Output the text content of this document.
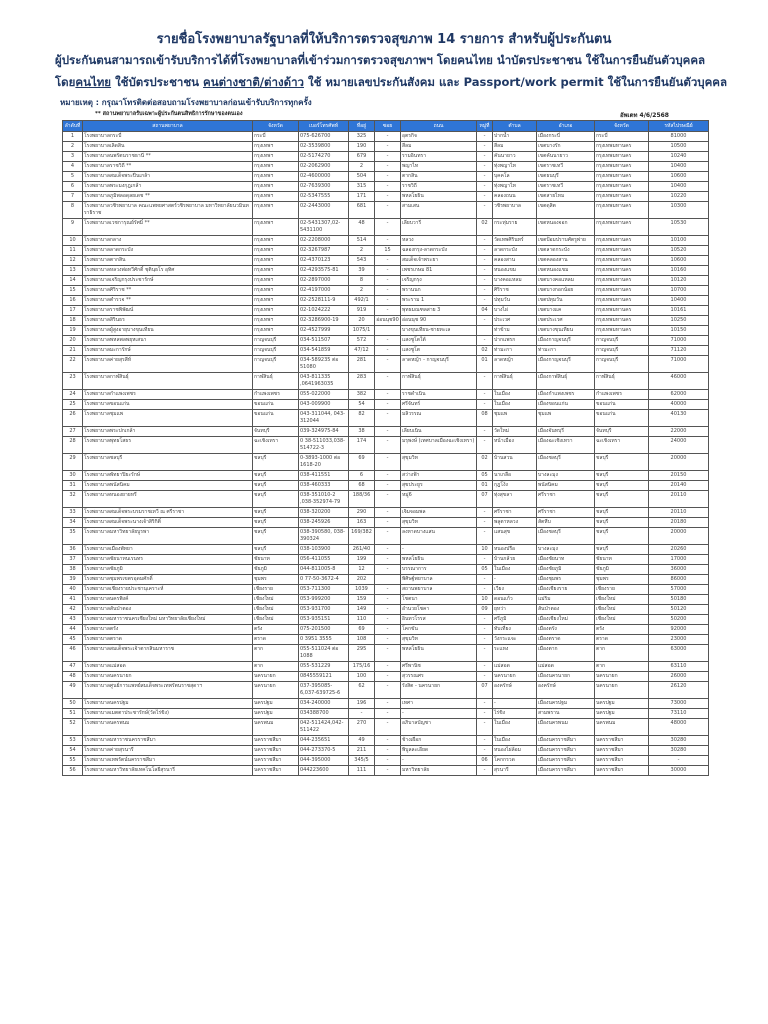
รายชื่อโรงพยาบาลรัฐบาลที่ให้บริการตรวจสุขภาพ 14 รายการ สำหรับผู้ประกันตน
ผู้ประกันตนสามารถเข้ารับบริการได้ที่โรงพยาบาลที่เข้าร่วมการตรวจสุขภาพฯ โดยคนไทย นำบัตรประชาชน ใช้ในการยืนยันตัวบุคคล
โดยคนไทย ใช้บัตรประชาชน คนต่างชาติ/ต่างด้าว ใช้ หมายเลขประกันสังคม และ Passport/work permit ใช้ในการยืนยันตัวบุคคล
หมายเหตุ : กรุณาโทรติดต่อสอบถามโรงพยาบาลก่อนเข้ารับบริการทุกครั้ง
** สถานพยาบาลรับเฉพาะผู้ประกันตนสิทธิการรักษาของตนเอง	อัพเดท 4/6/2568
ลำดับที่	สถานพยาบาล	จังหวัด	เบอร์โทรศัพท์	ที่อยู่	ซอย	ถนน	หมู่ที่	ตำบล	อำเภอ	จังหวัด	รหัสไปรษณีย์
1	โรงพยาบาลกระบี่	กระบี่	075-626700	325	-	อุตรกิจ	-	ปากน้ำ	เมืองกระบี่	กระบี่	81000
2	โรงพยาบาลเลิดสิน	กรุงเทพฯ	02-3539800	190	-	สีลม	-	สีลม	เขตบางรัก	กรุงเทพมหานคร	10500
3	โรงพยาบาลนพรัตนราชธานี **	กรุงเทพฯ	02-5174270	679	-	รามอินทรา	-	คันนายาว	เขตคันนายาว	กรุงเทพมหานคร	10240
4	โรงพยาบาลราชวิถี **	กรุงเทพฯ	02-2062900	2	-	พญาไท	-	ทุ่งพญาไท	เขตราชเทวี	กรุงเทพมหานคร	10400
5	โรงพยาบาลสมเด็จพระปิ่นเกล้า	กรุงเทพฯ	02-4600000	504	-	ตากสิน	-	บุคคโล	เขตธนบุรี	กรุงเทพมหานคร	10600
6	โรงพยาบาลพระมงกุฎเกล้า	กรุงเทพฯ	02-7639300	315	-	ราชวิถี	-	ทุ่งพญาไท	เขตราชเทวี	กรุงเทพมหานคร	10400
7	โรงพยาบาลภูมิพลอดุลยเดช **	กรุงเทพฯ	02-5347555	171	-	พหลโยธิน	-	คลองถนน	เขตสายไหม	กรุงเทพมหานคร	10220
8	โรงพยาบาลวชิรพยาบาล คณะแพทยศาสตร์วชิรพยาบาล มหาวิทยาลัยนวมินทราธิราช	กรุงเทพฯ	02-2443000	681	-	สามเสน	-	วชิรพยาบาล	เขตดุสิต	กรุงเทพมหานคร	10300
9	โรงพยาบาลเวชการุณย์รัศมิ์ **	กรุงเทพฯ	02-5431307,02-5431100	48	-	เลียบวารี	02	กระทุ่มราย	เขตหนองจอก	กรุงเทพมหานคร	10530
10	โรงพยาบาลกลาง	กรุงเทพฯ	02-2208000	514	-	หลวง	-	วัดเทพศิรินทร์	เขตป้อมปราบศัตรูพ่าย	กรุงเทพมหานคร	10100
11	โรงพยาบาลลาดกระบัง	กรุงเทพฯ	02-3267987	2	15	ฉลองกรุง-ลาดกระบัง	-	ลาดกระบัง	เขตลาดกระบัง	กรุงเทพมหานคร	10520
12	โรงพยาบาลตากสิน	กรุงเทพฯ	02-4370123	543	-	สมเด็จเจ้าพระยา	-	คลองสาน	เขตคลองสาน	กรุงเทพมหานคร	10600
13	โรงพยาบาลหลวงพ่อทวีศักดิ์ ชุตินฺธโร อุทิศ	กรุงเทพฯ	02-4293575-81	39	-	เพชรเกษม 81	-	หนองแขม	เขตหนองแขม	กรุงเทพมหานคร	10160
14	โรงพยาบาลเจริญกรุงประชารักษ์	กรุงเทพฯ	02-2897000	8	-	เจริญกรุง	-	บางคอแหลม	เขตบางคอแหลม	กรุงเทพมหานคร	10120
15	โรงพยาบาลศิริราช **	กรุงเทพฯ	02-4197000	2	-	พรานนก	-	ศิริราช	เขตบางกอกน้อย	กรุงเทพมหานคร	10700
16	โรงพยาบาลตำรวจ **	กรุงเทพฯ	02-2528111-9	492/1	-	พระราม 1	-	ปทุมวัน	เขตปทุมวัน	กรุงเทพมหานคร	10400
17	โรงพยาบาลราชพิพัฒน์	กรุงเทพฯ	02-1024222	919	-	พุทธมณฑลสาย 3	04	บางไผ่	เขตบางแค	กรุงเทพมหานคร	10161
18	โรงพยาบาลสิรินธร	กรุงเทพฯ	02-3286900-19	20	อ่อนนุช90	อ่อนนุช 90	-	ประเวศ	เขตประเวศ	กรุงเทพมหานคร	10250
19	โรงพยาบาลผู้สูงอายุบางขุนเทียน	กรุงเทพฯ	02-4527999	1075/1		บางขุนเทียน-ชายทะเล		ท่าข้าม	เขตบางขุนเทียน	กรุงเทพมหานคร	10150
20	โรงพยาบาลพหลพลพยุหเสนา	กาญจนบุรี	034-511507	572	-	แสงชูโตใต้	-	ปากแพรก	เมืองกาญจนบุรี	กาญจนบุรี	71000
21	โรงพยาบาลมะการักษ์	กาญจนบุรี	034-541859	47/12	-	แสงชูโต	02	ท่ามะกา	ท่ามะกา	กาญจนบุรี	71120
22	โรงพยาบาลค่ายสุรสีห์	กาญจนบุรี	034-589235 ต่อ 51080	281	-	ลาดหญ้า - กาญจนบุรี	01	ลาดหญ้า	เมืองกาญจนบุรี	กาญจนบุรี	71000
23	โรงพยาบาลกาฬสินธุ์	กาฬสินธุ์	043-811335 ,0641963035	283	-	กาฬสินธุ์	-	กาฬสินธุ์	เมืองกาฬสินธุ์	กาฬสินธุ์	46000
24	โรงพยาบาลกำแพงเพชร	กำแพงเพชร	055-022000	382	-	ราชดำเนิน	-	ในเมือง	เมืองกำแพงเพชร	กำแพงเพชร	62000
25	โรงพยาบาลขอนแก่น	ขอนแก่น	043-009900	54	-	ศรีจันทร์	-	ในเมือง	เมืองขอนแก่น	ขอนแก่น	40000
26	โรงพยาบาลชุมแพ	ขอนแก่น	043-311044, 043-312044	82	-	มลิวรรณ	08	ชุมแพ	ชุมแพ	ขอนแก่น	40130
27	โรงพยาบาลพระปกเกล้า	จันทบุรี	039-324975-84	38	-	เลียบเนิน	-	วัดใหม่	เมืองจันทบุรี	จันทบุรี	22000
28	โรงพยาบาลพุทธโสธร	ฉะเชิงเทรา	0 38-511033,038-514722-3	174	-	มรุพงษ์ (เทศบาลเมืองฉะเชิงเทรา)	-	หน้าเมือง	เมืองฉะเชิงเทรา	ฉะเชิงเทรา	24000
29	โรงพยาบาลชลบุรี	ชลบุรี	0-3893-1000 ต่อ 1618-20	69	-	สุขุมวิท	02	บ้านสวน	เมืองชลบุรี	ชลบุรี	20000
30	โรงพยาบาลพัทยาปิยะรักษ์	ชลบุรี	038-411551	6	-	สว่างฟ้า	05	นาเกลือ	บางละมุง	ชลบุรี	20150
31	โรงพยาบาลพนัสนิคม	ชลบุรี	038-460333	68	-	สุขประยูร	01	กุฎโง้ง	พนัสนิคม	ชลบุรี	20140
32	โรงพยาบาลหนองยายหรี	ชลบุรี	038-351010-2 ,038-352974-79	188/36	-	หมู่6	07	ทุ่งสุขลา	ศรีราชา	ชลบุรี	20110
33	โรงพยาบาลสมเด็จพระบรมราชเทวี ณ ศรีราชา	ชลบุรี	038-320200	290	-	เจิมจอมพล	-	ศรีราชา	ศรีราชา	ชลบุรี	20110
34	โรงพยาบาลสมเด็จพระนางเจ้าสิริกิติ์	ชลบุรี	038-245926	163	-	สุขุมวิท	-	พลูตาหลวง	สัตหีบ	ชลบุรี	20180
35	โรงพยาบาลมหาวิทยาลัยบูรพา	ชลบุรี	038-390580, 038-390324	169/382	-	ลงหาดบางแสน	-	แสนสุข	เมืองชลบุรี	ชลบุรี	20000
36	โรงพยาบาลเมืองพัทยา	ชลบุรี	038-103900	261/40	-	-	10	หนองปรือ	บางละมุง	ชลบุรี	20260
37	โรงพยาบาลชัยนาทนเรนทร	ชัยนาท	056-411055	199	-	พหลโยธิน	-	บ้านกล้วย	เมืองชัยนาท	ชัยนาท	17000
38	โรงพยาบาลชัยภูมิ	ชัยภูมิ	044-811005-8	12	-	บรรณาการ	05	ในเมือง	เมืองชัยภูมิ	ชัยภูมิ	36000
39	โรงพยาบาลชุมพรเขตรอุดมศักดิ์	ชุมพร	0 77-50-3672-4	202		พิศิษฐ์พยาบาล	-	-	เมืองชุมพร	ชุมพร	86000
40	โรงพยาบาลเชียงรายประชานุเคราะห์	เชียงราย	053-711300	1039	-	สถานพยาบาล	-	เวียง	เมืองเชียงราย	เชียงราย	57000
41	โรงพยาบาลนครพิงค์	เชียงใหม่	053-999200	159	-	โชตนา	10	ดอนแก้ว	แม่ริม	เชียงใหม่	50180
42	โรงพยาบาลสันป่าตอง	เชียงใหม่	053-931700	149	-	อำนวยโชคา	09	ยุหว่า	สันป่าตอง	เชียงใหม่	50120
43	โรงพยาบาลมหาราชนครเชียงใหม่ มหาวิทยาลัยเชียงใหม่	เชียงใหม่	053-935151	110	-	อินทวโรรส	-	ศรีภูมิ	เมืองเชียงใหม่	เชียงใหม่	50200
44	โรงพยาบาลตรัง	ตรัง	075-201500	69	-	โคกขัน	-	ทับเที่ยง	เมืองตรัง	ตรัง	92000
45	โรงพยาบาลตราด	ตราด	0 3951 3555	108	-	สุขุมวิท	-	วังกระแจะ	เมืองตราด	ตราด	23000
46	โรงพยาบาลสมเด็จพระเจ้าตากสินมหาราช	ตาก	055-511024 ต่อ 1088	295	-	พหลโยธิน	-	ระแหง	เมืองตาก	ตาก	63000
47	โรงพยาบาลแม่สอด	ตาก	055-531229	175/16	-	ศรีพานิช	-	แม่สอด	แม่สอด	ตาก	63110
48	โรงพยาบาลนครนายก	นครนายก	0845559121	100	-	สุวรรณศร	-	นครนายก	เมืองนครนายก	นครนายก	26000
49	โรงพยาบาลศูนย์การแพทย์สมเด็จพระเทพรัตนราชสุดาฯ	นครนายก	037-395085-6,037-639725-6	62	-	รังสิต - นครนายก	07	องครักษ์	องครักษ์	นครนายก	26120
50	โรงพยาบาลนครปฐม	นครปฐม	034-240000	196	-	เทศา	-	-	เมืองนครปฐม	นครปฐม	73000
51	โรงพยาบาลเมตตาประชารักษ์(วัดไร่ขิง)	นครปฐม	034388700	-	-	-	-	ไร่ขิง	สามพราน	นครปฐม	73110
52	โรงพยาบาลนครพนม	นครพนม	042-511424,042-511422	270	-	อภิบาลบัญชา	-	ในเมือง	เมืองนครพนม	นครพนม	48000
53	โรงพยาบาลมหาราชนครราชสีมา	นครราชสีมา	044-235651	49	-	ช้างเผือก	-	ในเมือง	เมืองนครราชสีมา	นครราชสีมา	30280
54	โรงพยาบาลค่ายสุรนารี	นครราชสีมา	044-273370-5	211	-	พิบูลละเอียด	-	หนองไผ่ล้อม	เมืองนครราชสีมา	นครราชสีมา	30280
55	โรงพยาบาลเทพรัตน์นครราชสีมา	นครราชสีมา	044-395000	345/5	-	-	06	โคกกรวด	เมืองนครราชสีมา	นครราชสีมา	-
56	โรงพยาบาลมหาวิทยาลัยเทคโนโลยีสุรนารี	นครราชสีมา	044223600	111	-	มหาวิทยาลัย	-	สุรนารี	เมืองนครราชสีมา	นครราชสีมา	30000
